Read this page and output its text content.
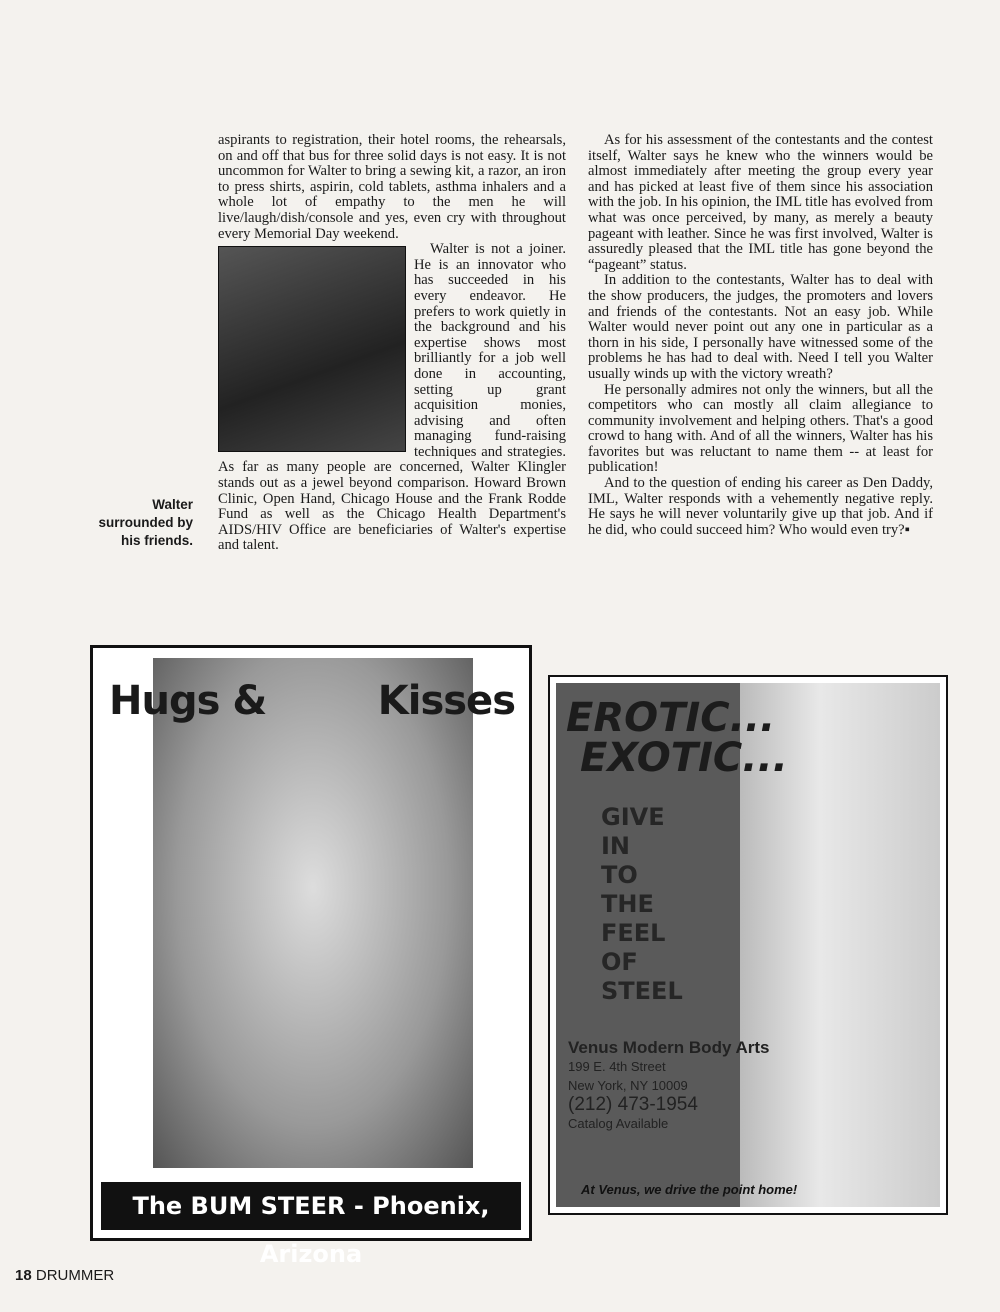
aspirants to registration, their hotel rooms, the rehearsals, on and off that bus for three solid days is not easy. It is not uncommon for Walter to bring a sewing kit, a razor, an iron to press shirts, aspirin, cold tablets, asthma inhalers and a whole lot of empathy to the men he will live/laugh/dish/console and yes, even cry with throughout every Memorial Day weekend.

Walter is not a joiner. He is an innovator who has succeeded in his every endeavor. He prefers to work quietly in the background and his expertise shows most brilliantly for a job well done in accounting, setting up grant acquisition monies, advising and often managing fund-raising techniques and strategies. As far as many people are concerned, Walter Klingler stands out as a jewel beyond comparison. Howard Brown Clinic, Open Hand, Chicago House and the Frank Rodde Fund as well as the Chicago Health Department's AIDS/HIV Office are beneficiaries of Walter's expertise and talent.

Walter surrounded by his friends.

As for his assessment of the contestants and the contest itself, Walter says he knew who the winners would be almost immediately after meeting the group every year and has picked at least five of them since his association with the job. In his opinion, the IML title has evolved from what was once perceived, by many, as merely a beauty pageant with leather. Since he was first involved, Walter is assuredly pleased that the IML title has gone beyond the “pageant” status.

In addition to the contestants, Walter has to deal with the show producers, the judges, the promoters and lovers and friends of the contestants. Not an easy job. While Walter would never point out any one in particular as a thorn in his side, I personally have witnessed some of the problems he has had to deal with. Need I tell you Walter usually winds up with the victory wreath?

He personally admires not only the winners, but all the competitors who can mostly all claim allegiance to community involvement and helping others. That's a good crowd to hang with. And of all the winners, Walter has his favorites but was reluctant to name them -- at least for publication!

And to the question of ending his career as Den Daddy, IML, Walter responds with a vehemently negative reply. He says he will never voluntarily give up that job. And if he did, who could succeed him? Who would even try?▪

Hugs &	Kisses
The BUM STEER - Phoenix, Arizona
EROTIC...
EXOTIC...
GIVE
IN
TO
THE
FEEL
OF
STEEL
Venus Modern Body Arts
199 E. 4th Street
New York, NY 10009
(212) 473-1954
Catalog Available
At Venus, we drive the point home!
18 DRUMMER
